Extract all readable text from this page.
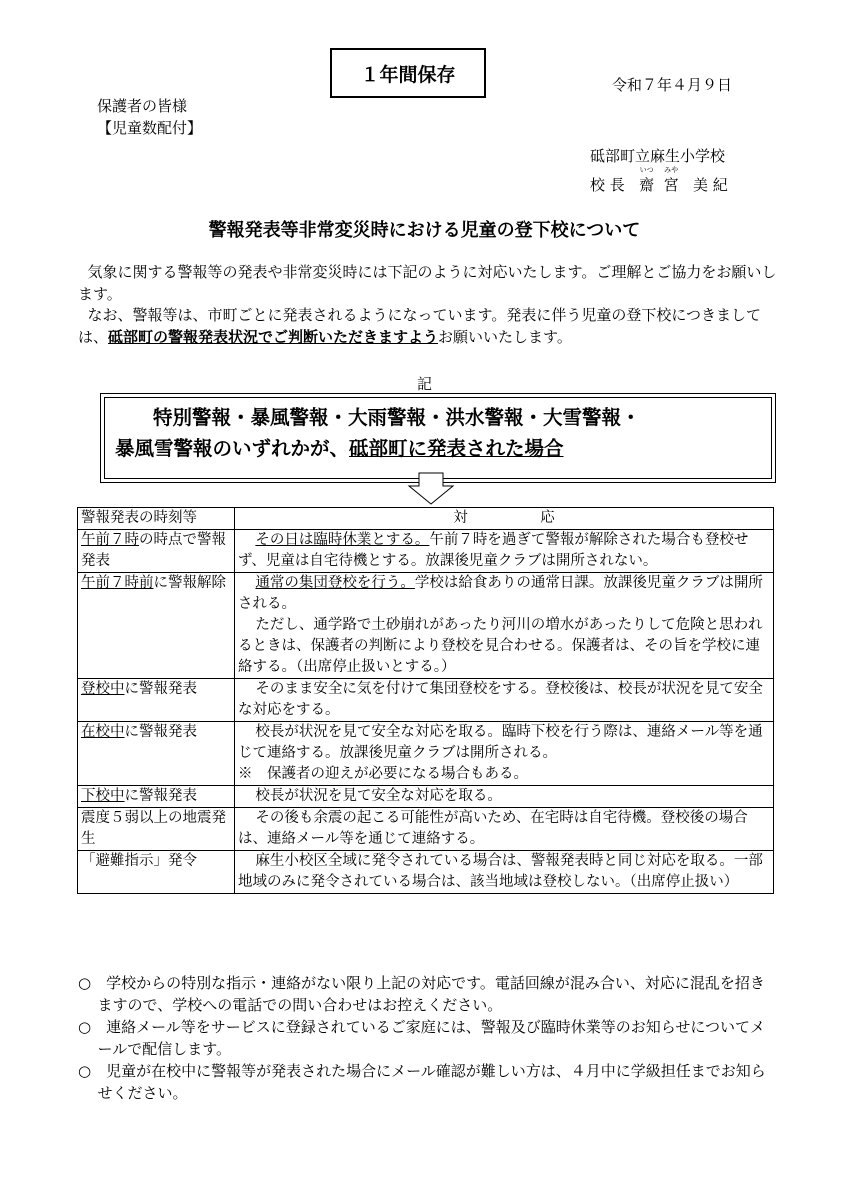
１年間保存	令和７年４月９日
保護者の皆様
【児童数配付】
砥部町立麻生小学校
校 長
いつ
齋
みや
宮 美 紀
警報発表等非常変災時における児童の登下校について

気象に関する警報等の発表や非常変災時には下記のように対応いたします。ご理解とご協力をお願いします。

なお、警報等は、市町ごとに発表されるようになっています。発表に伴う児童の登下校につきましては、砥部町の警報発表状況でご判断いただきますようお願いいたします。

記
特別警報・暴風警報・大雨警報・洪水警報・大雪警報・
暴風雪警報のいずれかが、砥部町に発表された場合
警報発表の時刻等	対　　　　　応
午前７時の時点で警報発表	その日は臨時休業とする。午前７時を過ぎて警報が解除された場合も登校せず、児童は自宅待機とする。放課後児童クラブは開所されない。

午前７時前に警報解除	通常の集団登校を行う。学校は給食ありの通常日課。放課後児童クラブは開所される。

ただし、通学路で土砂崩れがあったり河川の増水があったりして危険と思われるときは、保護者の判断により登校を見合わせる。保護者は、その旨を学校に連絡する。（出席停止扱いとする。）

登校中に警報発表	そのまま安全に気を付けて集団登校をする。登校後は、校長が状況を見て安全な対応をする。

在校中に警報発表	校長が状況を見て安全な対応を取る。臨時下校を行う際は、連絡メール等を通じて連絡する。放課後児童クラブは開所される。

※　保護者の迎えが必要になる場合もある。

下校中に警報発表	校長が状況を見て安全な対応を取る。

震度５弱以上の地震発生	その後も余震の起こる可能性が高いため、在宅時は自宅待機。登校後の場合は、連絡メール等を通じて連絡する。

「避難指示」発令	麻生小校区全域に発令されている場合は、警報発表時と同じ対応を取る。一部地域のみに発令されている場合は、該当地域は登校しない。（出席停止扱い）

○　学校からの特別な指示・連絡がない限り上記の対応です。電話回線が混み合い、対応に混乱を招きますので、学校への電話での問い合わせはお控えください。

○　連絡メール等をサービスに登録されているご家庭には、警報及び臨時休業等のお知らせについてメールで配信します。

○　児童が在校中に警報等が発表された場合にメール確認が難しい方は、４月中に学級担任までお知らせください。
